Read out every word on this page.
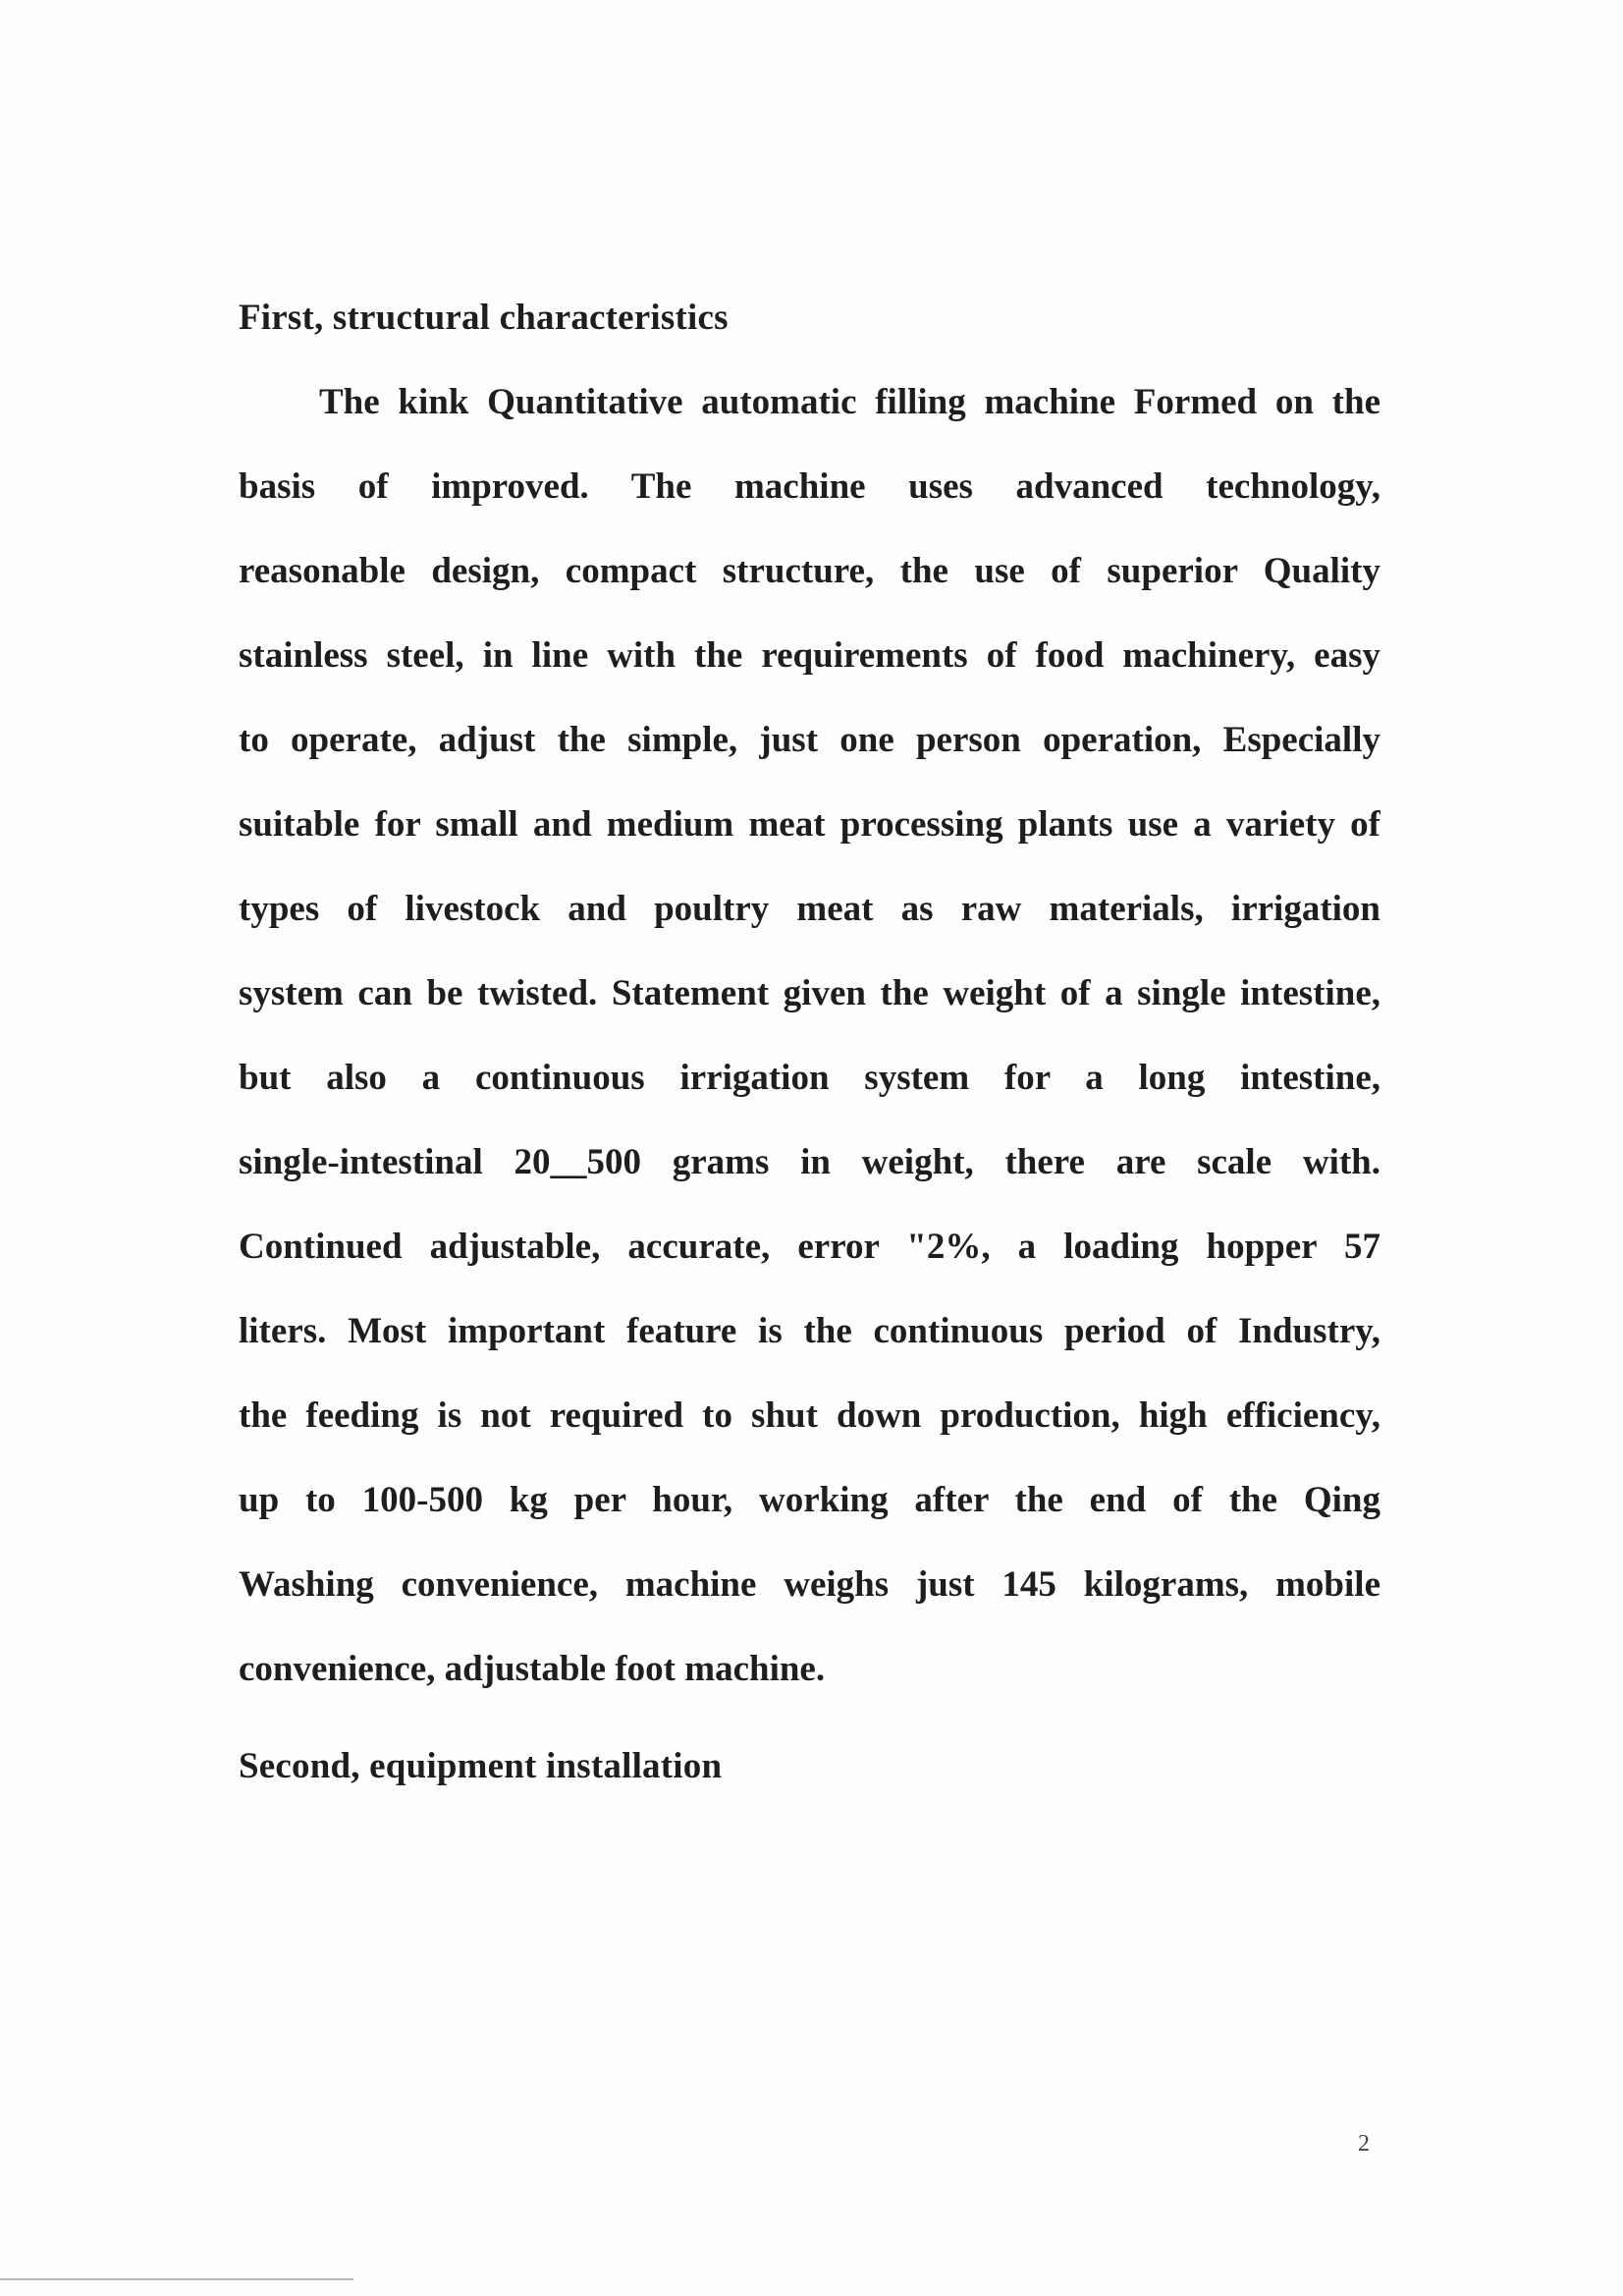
First, structural characteristics
The kink Quantitative automatic filling machine Formed on the
basis of improved. The machine uses advanced technology,
reasonable design, compact structure, the use of superior Quality
stainless steel, in line with the requirements of food machinery, easy
to operate, adjust the simple, just one person operation, Especially
suitable for small and medium meat processing plants use a variety of
types of livestock and poultry meat as raw materials, irrigation
system can be twisted. Statement given the weight of a single intestine,
but also a continuous irrigation system for a long intestine,
single-intestinal 20__500 grams in weight, there are scale with.
Continued adjustable, accurate, error "2%, a loading hopper 57
liters. Most important feature is the continuous period of Industry,
the feeding is not required to shut down production, high efficiency,
up to 100-500 kg per hour, working after the end of the Qing
Washing convenience, machine weighs just 145 kilograms, mobile
convenience, adjustable foot machine.
Second, equipment installation

2
